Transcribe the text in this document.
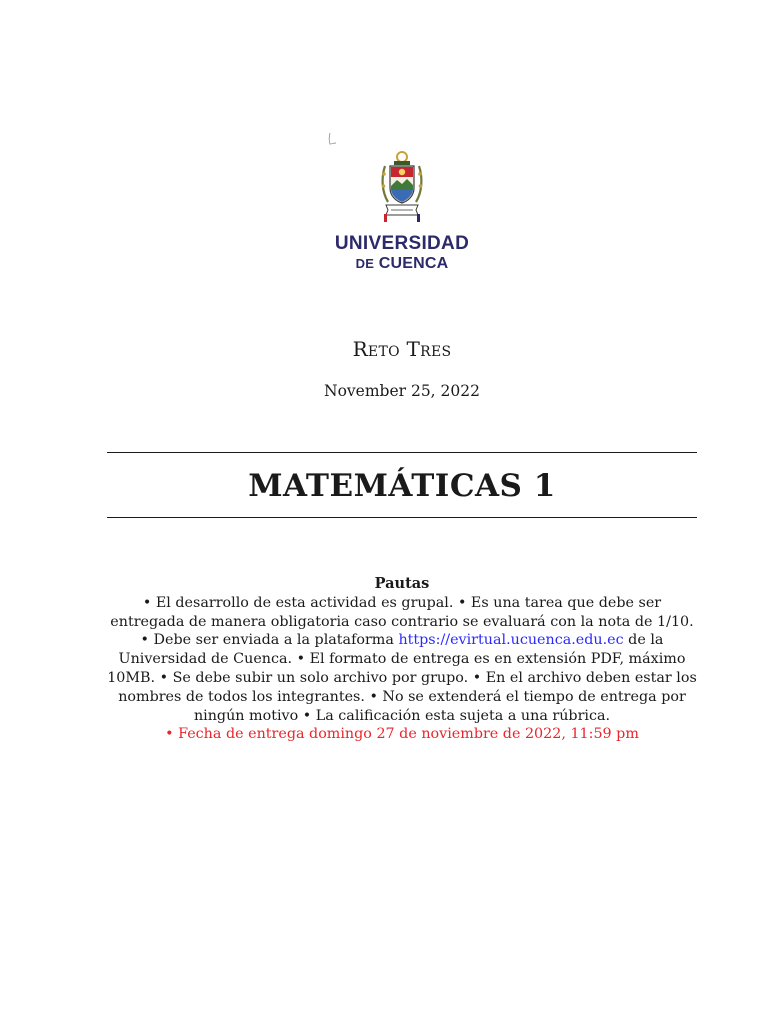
UNIVERSIDAD
DE CUENCA
Reto Tres
November 25, 2022
MATEMÁTICAS 1
Pautas
• El desarrollo de esta actividad es grupal. • Es una tarea que debe ser entregada de manera obligatoria caso contrario se evaluará con la nota de 1/10. • Debe ser enviada a la plataforma https://evirtual.ucuenca.edu.ec de la Universidad de Cuenca. • El formato de entrega es en extensión PDF, máximo 10MB. • Se debe subir un solo archivo por grupo. • En el archivo deben estar los nombres de todos los integrantes. • No se extenderá el tiempo de entrega por ningún motivo • La calificación esta sujeta a una rúbrica.
• Fecha de entrega domingo 27 de noviembre de 2022, 11:59 pm
